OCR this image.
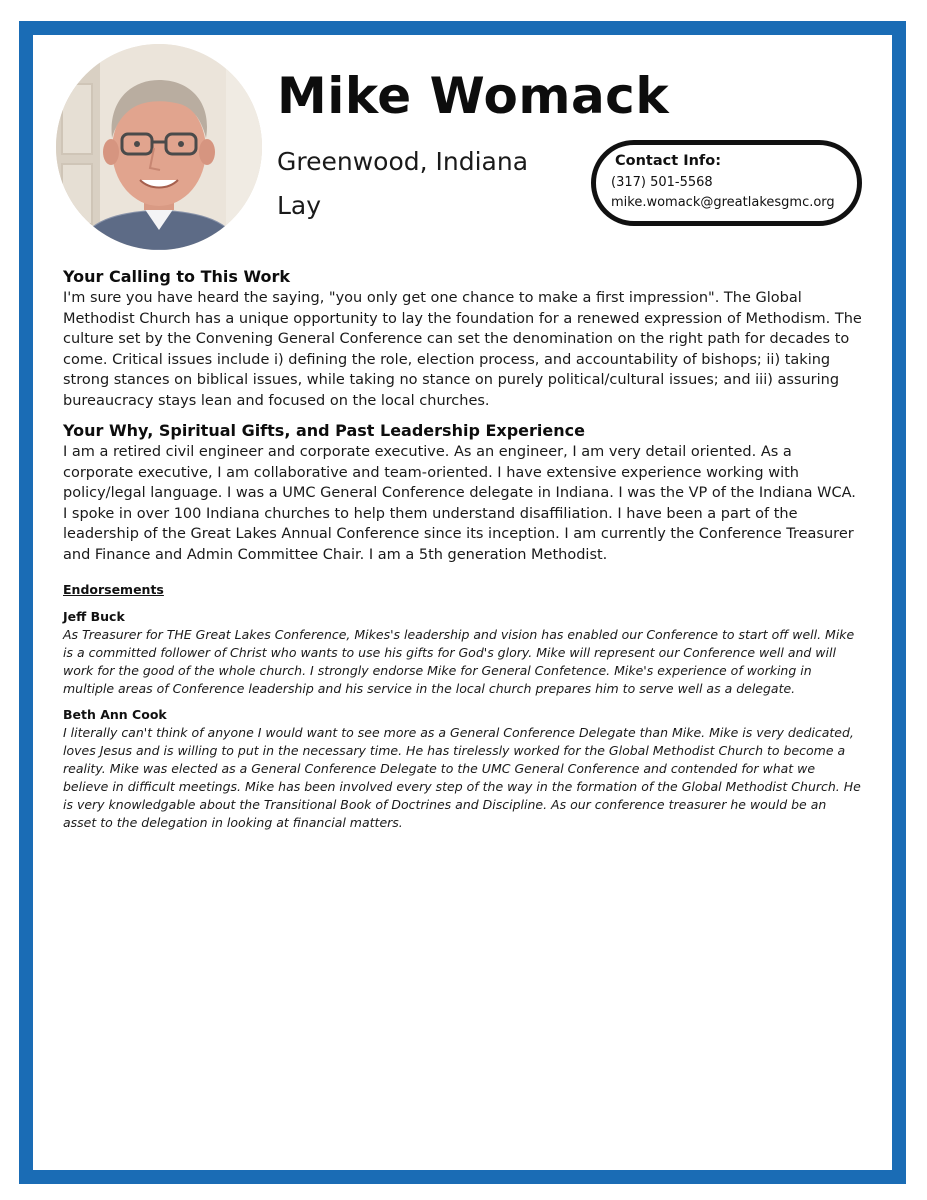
Mike Womack
Greenwood, Indiana
Lay
Contact Info:
(317) 501-5568
mike.womack@greatlakesgmc.org
Your Calling to This Work

I'm sure you have heard the saying, "you only get one chance to make a first impression". The Global Methodist Church has a unique opportunity to lay the foundation for a renewed expression of Methodism. The culture set by the Convening General Conference can set the denomination on the right path for decades to come. Critical issues include i) defining the role, election process, and accountability of bishops; ii) taking strong stances on biblical issues, while taking no stance on purely political/cultural issues; and iii) assuring bureaucracy stays lean and focused on the local churches.

Your Why, Spiritual Gifts, and Past Leadership Experience

I am a retired civil engineer and corporate executive. As an engineer, I am very detail oriented. As a corporate executive, I am collaborative and team-oriented. I have extensive experience working with policy/legal language. I was a UMC General Conference delegate in Indiana. I was the VP of the Indiana WCA. I spoke in over 100 Indiana churches to help them understand disaffiliation. I have been a part of the leadership of the Great Lakes Annual Conference since its inception. I am currently the Conference Treasurer and Finance and Admin Committee Chair. I am a 5th generation Methodist.

Endorsements
Jeff Buck

As Treasurer for THE Great Lakes Conference, Mikes's leadership and vision has enabled our Conference to start off well. Mike is a committed follower of Christ who wants to use his gifts for God's glory. Mike will represent our Conference well and will work for the good of the whole church. I strongly endorse Mike for General Confetence. Mike's experience of working in multiple areas of Conference leadership and his service in the local church prepares him to serve well as a delegate.

Beth Ann Cook

I literally can't think of anyone I would want to see more as a General Conference Delegate than Mike. Mike is very dedicated, loves Jesus and is willing to put in the necessary time. He has tirelessly worked for the Global Methodist Church to become a reality. Mike was elected as a General Conference Delegate to the UMC General Conference and contended for what we believe in difficult meetings. Mike has been involved every step of the way in the formation of the Global Methodist Church. He is very knowledgable about the Transitional Book of Doctrines and Discipline. As our conference treasurer he would be an asset to the delegation in looking at financial matters.
